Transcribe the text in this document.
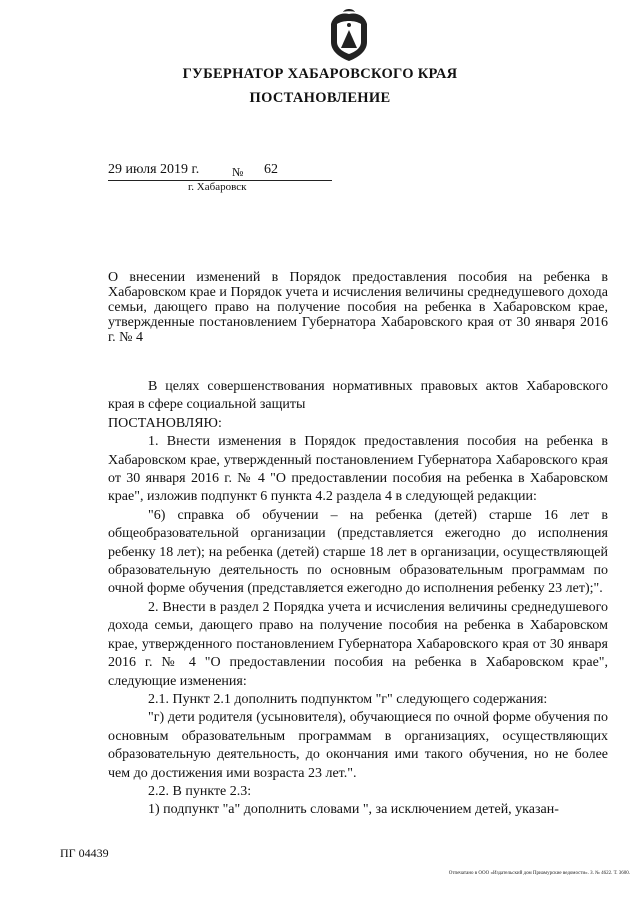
ГУБЕРНАТОР ХАБАРОВСКОГО КРАЯ
ПОСТАНОВЛЕНИЕ
29 июля 2019 г.	№ 62
г. Хабаровск
О внесении изменений в Порядок предоставления пособия на ребенка в Хабаровском крае и Порядок учета и исчисления величины среднедушевого дохода семьи, дающего право на получение пособия на ребенка в Хабаровском крае, утвержденные постановлением Губернатора Хабаровского края от 30 января 2016 г. № 4

В целях совершенствования нормативных правовых актов Хабаровского края в сфере социальной защиты

ПОСТАНОВЛЯЮ:

1. Внести изменения в Порядок предоставления пособия на ребенка в Хабаровском крае, утвержденный постановлением Губернатора Хабаровского края от 30 января 2016 г. № 4 "О предоставлении пособия на ребенка в Хабаровском крае", изложив подпункт 6 пункта 4.2 раздела 4 в следующей редакции:

"6) справка об обучении – на ребенка (детей) старше 16 лет в общеобразовательной организации (представляется ежегодно до исполнения ребенку 18 лет); на ребенка (детей) старше 18 лет в организации, осуществляющей образовательную деятельность по основным образовательным программам по очной форме обучения (представляется ежегодно до исполнения ребенку 23 лет);".

2. Внести в раздел 2 Порядка учета и исчисления величины среднедушевого дохода семьи, дающего право на получение пособия на ребенка в Хабаровском крае, утвержденного постановлением Губернатора Хабаровского края от 30 января 2016 г. № 4 "О предоставлении пособия на ребенка в Хабаровском крае", следующие изменения:

2.1. Пункт 2.1 дополнить подпунктом "г" следующего содержания:

"г) дети родителя (усыновителя), обучающиеся по очной форме обучения по основным образовательным программам в организациях, осуществляющих образовательную деятельность, до окончания ими такого обучения, но не более чем до достижения ими возраста 23 лет.".

2.2. В пункте 2.3:

1) подпункт "а" дополнить словами ", за исключением детей, указан-

ПГ 04439
Отпечатано в ООО «Издательский дом Приамурские ведомости». З. № 4622. Т. 3600.
